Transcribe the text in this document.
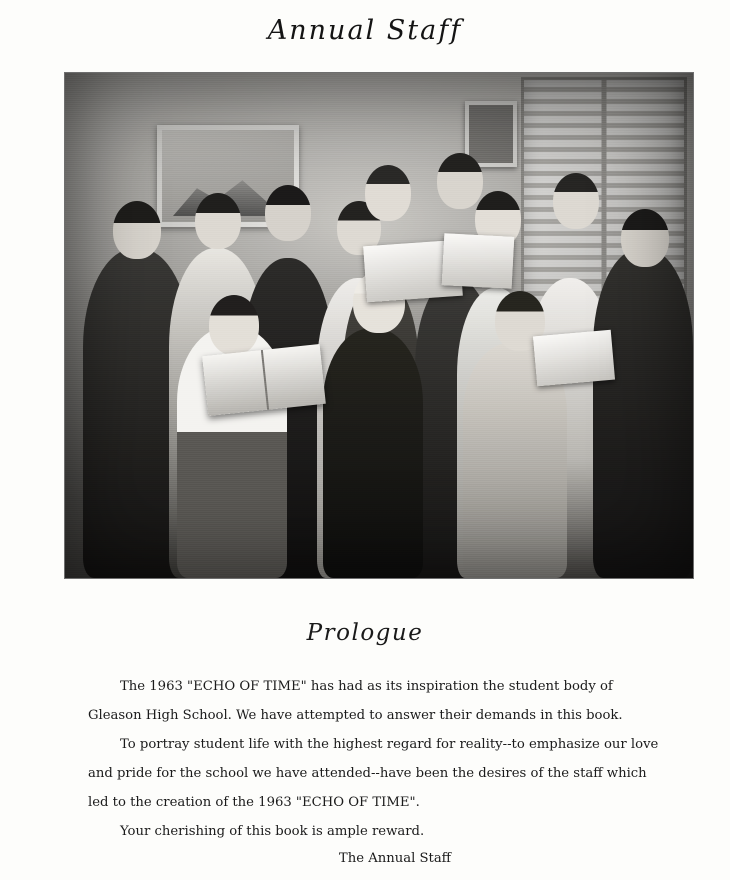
Annual Staff
Prologue

The 1963 "ECHO OF TIME" has had as its inspiration the student body of Gleason High School. We have attempted to answer their demands in this book.

To portray student life with the highest regard for reality--to emphasize our love and pride for the school we have attended--have been the desires of the staff which led to the creation of the 1963 "ECHO OF TIME".

Your cherishing of this book is ample reward.

The Annual Staff
